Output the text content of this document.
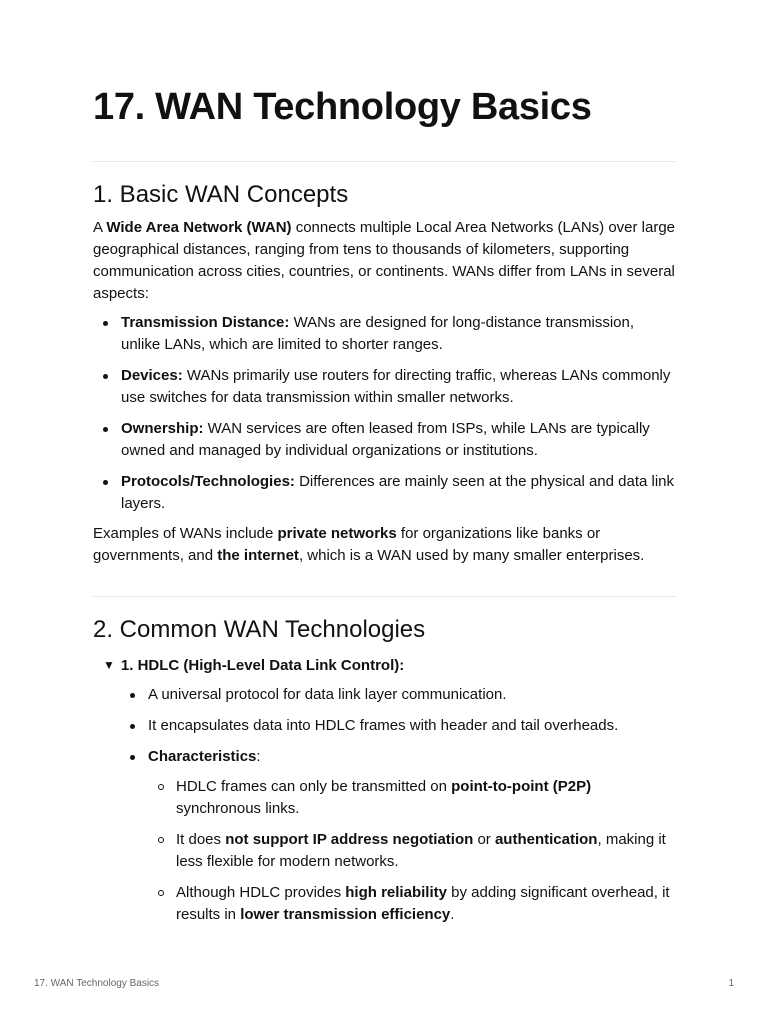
17. WAN Technology Basics
1. Basic WAN Concepts

A Wide Area Network (WAN) connects multiple Local Area Networks (LANs) over large geographical distances, ranging from tens to thousands of kilometers, supporting communication across cities, countries, or continents. WANs differ from LANs in several aspects:

Transmission Distance: WANs are designed for long-distance transmission, unlike LANs, which are limited to shorter ranges.
Devices: WANs primarily use routers for directing traffic, whereas LANs commonly use switches for data transmission within smaller networks.
Ownership: WAN services are often leased from ISPs, while LANs are typically owned and managed by individual organizations or institutions.
Protocols/Technologies: Differences are mainly seen at the physical and data link layers.

Examples of WANs include private networks for organizations like banks or governments, and the internet, which is a WAN used by many smaller enterprises.

2. Common WAN Technologies
▼ 1. HDLC (High-Level Data Link Control):
A universal protocol for data link layer communication.
It encapsulates data into HDLC frames with header and tail overheads.
Characteristics:
HDLC frames can only be transmitted on point-to-point (P2P) synchronous links.
It does not support IP address negotiation or authentication, making it less flexible for modern networks.
Although HDLC provides high reliability by adding significant overhead, it results in lower transmission efficiency.
17. WAN Technology Basics	1
